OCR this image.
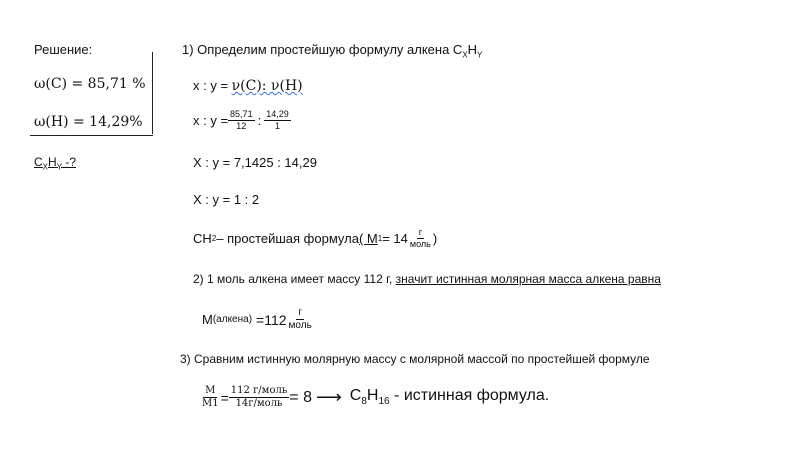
Решение:
ω(C) = 85,71 %
ω(H) = 14,29%
$C_XH_Y$ -?
1) Определим простейшую формулу алкена $C_XH_Y$
x : y = ν(C): ν(H)
x : $y = \frac{85,71}{12}$ : $\frac{14,29}{1}$
X : y = 7,1425 : 14,29
X : y = 1 : 2
CH 2 – простейшая формула ( M $1 = 14 \frac{г}{\text{моль}}$ )
2) 1 моль алкена имеет массу 112 г, значит истинная молярная масса алкена равна
M (алкена) $=112 \frac{г}{\text{моль}}$
3) Сравним истинную молярную массу с молярной массой по простейшей формуле
$\frac{M}{M1} = \frac{\text{112 г/моль}}{\text{14г/моль}} = 8$ ⟶ $C_8H_{16}$ - истинная формула.
